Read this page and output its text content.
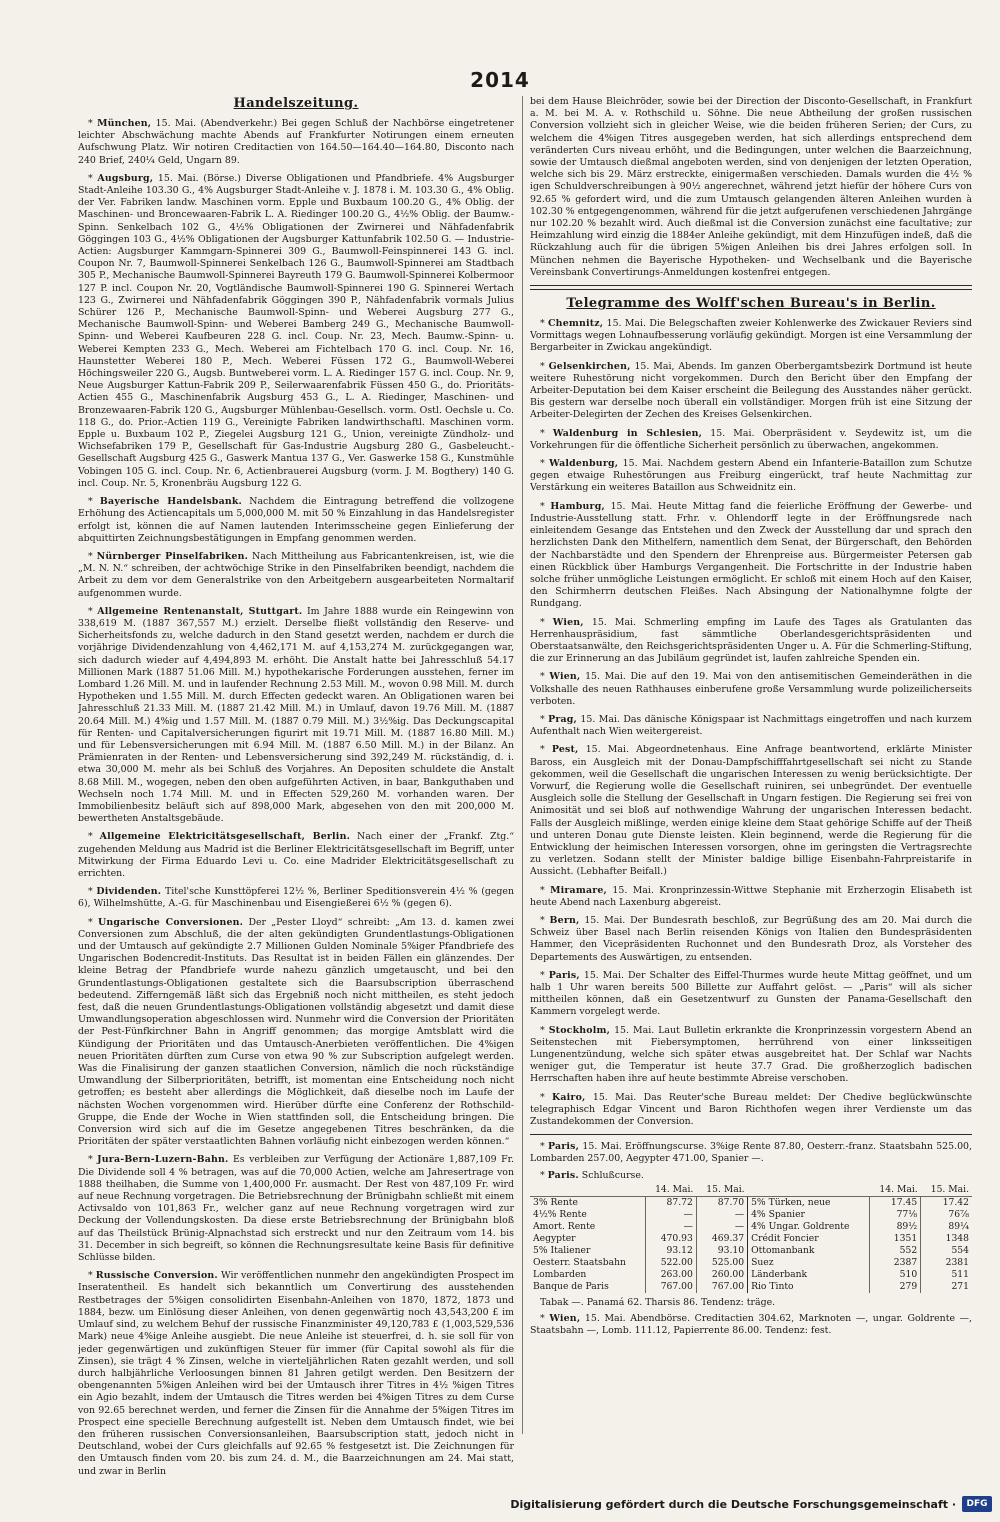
2014
Handelszeitung.

* München, 15. Mai. (Abendverkehr.) Bei gegen Schluß der Nachbörse eingetretener leichter Abschwächung machte Abends auf Frankfurter Notirungen einem erneuten Aufschwung Platz. Wir notiren Creditactien von 164.50—164.40—164.80, Disconto nach 240 Brief, 240¼ Geld, Ungarn 89.

* Augsburg, 15. Mai. (Börse.) Diverse Obligationen und Pfandbriefe. 4% Augsburger Stadt-Anleihe 103.30 G., 4% Augsburger Stadt-Anleihe v. J. 1878 i. M. 103.30 G., 4% Oblig. der Ver. Fabriken landw. Maschinen vorm. Epple und Buxbaum 100.20 G., 4% Oblig. der Maschinen- und Broncewaaren-Fabrik L. A. Riedinger 100.20 G., 4½% Oblig. der Baumw.-Spinn. Senkelbach 102 G., 4½% Obligationen der Zwirnerei und Nähfadenfabrik Göggingen 103 G., 4½% Obligationen der Augsburger Kattunfabrik 102.50 G. — Industrie-Actien: Augsburger Kammgarn-Spinnerei 309 G., Baumwoll-Feinspinnerei 143 G. incl. Coupon Nr. 7, Baumwoll-Spinnerei Senkelbach 126 G., Baumwoll-Spinnerei am Stadtbach 305 P., Mechanische Baumwoll-Spinnerei Bayreuth 179 G. Baumwoll-Spinnerei Kolbermoor 127 P. incl. Coupon Nr. 20, Vogtländische Baumwoll-Spinnerei 190 G. Spinnerei Wertach 123 G., Zwirnerei und Nähfadenfabrik Göggingen 390 P., Nähfadenfabrik vormals Julius Schürer 126 P., Mechanische Baumwoll-Spinn- und Weberei Augsburg 277 G., Mechanische Baumwoll-Spinn- und Weberei Bamberg 249 G., Mechanische Baumwoll-Spinn- und Weberei Kaufbeuren 228 G. incl. Coup. Nr. 23, Mech. Baumw.-Spinn- u. Weberei Kempten 233 G., Mech. Weberei am Fichtelbach 170 G. incl. Coup. Nr. 16, Haunstetter Weberei 180 P., Mech. Weberei Füssen 172 G., Baumwoll-Weberei Höchingsweiler 220 G., Augsb. Buntweberei vorm. L. A. Riedinger 157 G. incl. Coup. Nr. 9, Neue Augsburger Kattun-Fabrik 209 P., Seilerwaarenfabrik Füssen 450 G., do. Prioritäts-Actien 455 G., Maschinenfabrik Augsburg 453 G., L. A. Riedinger, Maschinen- und Bronzewaaren-Fabrik 120 G., Augsburger Mühlenbau-Gesellsch. vorm. Ostl. Oechsle u. Co. 118 G., do. Prior.-Actien 119 G., Vereinigte Fabriken landwirthschaftl. Maschinen vorm. Epple u. Buxbaum 102 P., Ziegelei Augsburg 121 G., Union, vereinigte Zündholz- und Wichsefabriken 179 P., Gesellschaft für Gas-Industrie Augsburg 280 G., Gasbeleucht.-Gesellschaft Augsburg 425 G., Gaswerk Mantua 137 G., Ver. Gaswerke 158 G., Kunstmühle Vobingen 105 G. incl. Coup. Nr. 6, Actienbrauerei Augsburg (vorm. J. M. Bogthery) 140 G. incl. Coup. Nr. 5, Kronenbräu Augsburg 122 G.

* Bayerische Handelsbank. Nachdem die Eintragung betreffend die vollzogene Erhöhung des Actiencapitals um 5,000,000 M. mit 50 % Einzahlung in das Handelsregister erfolgt ist, können die auf Namen lautenden Interimsscheine gegen Einlieferung der abquittirten Zeichnungsbestätigungen in Empfang genommen werden.

* Nürnberger Pinselfabriken. Nach Mittheilung aus Fabricantenkreisen, ist, wie die „M. N. N.“ schreiben, der achtwöchige Strike in den Pinselfabriken beendigt, nachdem die Arbeit zu dem vor dem Generalstrike von den Arbeitgebern ausgearbeiteten Normaltarif aufgenommen wurde.

* Allgemeine Rentenanstalt, Stuttgart. Im Jahre 1888 wurde ein Reingewinn von 338,619 M. (1887 367,557 M.) erzielt. Derselbe fließt vollständig den Reserve- und Sicherheitsfonds zu, welche dadurch in den Stand gesetzt werden, nachdem er durch die vorjährige Dividendenzahlung von 4,462,171 M. auf 4,153,274 M. zurückgegangen war, sich dadurch wieder auf 4,494,893 M. erhöht. Die Anstalt hatte bei Jahresschluß 54.17 Millionen Mark (1887 51.06 Mill. M.) hypothekarische Forderungen ausstehen, ferner im Lombard 1.26 Mill. M. und in laufender Rechnung 2.53 Mill. M., wovon 0.98 Mill. M. durch Hypotheken und 1.55 Mill. M. durch Effecten gedeckt waren. An Obligationen waren bei Jahresschluß 21.33 Mill. M. (1887 21.42 Mill. M.) in Umlauf, davon 19.76 Mill. M. (1887 20.64 Mill. M.) 4%ig und 1.57 Mill. M. (1887 0.79 Mill. M.) 3½%ig. Das Deckungscapital für Renten- und Capitalversicherungen figurirt mit 19.71 Mill. M. (1887 16.80 Mill. M.) und für Lebensversicherungen mit 6.94 Mill. M. (1887 6.50 Mill. M.) in der Bilanz. An Prämienraten in der Renten- und Lebensversicherung sind 392,249 M. rückständig, d. i. etwa 30,000 M. mehr als bei Schluß des Vorjahres. An Depositen schuldete die Anstalt 8.68 Mill. M., wogegen, neben den oben aufgeführten Activen, in baar, Bankguthaben und Wechseln noch 1.74 Mill. M. und in Effecten 529,260 M. vorhanden waren. Der Immobilienbesitz beläuft sich auf 898,000 Mark, abgesehen von den mit 200,000 M. bewertheten Anstaltsgebäude.

* Allgemeine Elektricitätsgesellschaft, Berlin. Nach einer der „Frankf. Ztg.“ zugehenden Meldung aus Madrid ist die Berliner Elektricitätsgesellschaft im Begriff, unter Mitwirkung der Firma Eduardo Levi u. Co. eine Madrider Elektricitätsgesellschaft zu errichten.

* Dividenden. Titel'sche Kunsttöpferei 12½ %, Berliner Speditionsverein 4½ % (gegen 6), Wilhelmshütte, A.-G. für Maschinenbau und Eisengießerei 6½ % (gegen 6).

* Ungarische Conversionen. Der „Pester Lloyd“ schreibt: „Am 13. d. kamen zwei Conversionen zum Abschluß, die der alten gekündigten Grundentlastungs-Obligationen und der Umtausch auf gekündigte 2.7 Millionen Gulden Nominale 5%iger Pfandbriefe des Ungarischen Bodencredit-Instituts. Das Resultat ist in beiden Fällen ein glänzendes. Der kleine Betrag der Pfandbriefe wurde nahezu gänzlich umgetauscht, und bei den Grundentlastungs-Obligationen gestaltete sich die Baarsubscription überraschend bedeutend. Zifferngemäß läßt sich das Ergebniß noch nicht mittheilen, es steht jedoch fest, daß die neuen Grundentlastungs-Obligationen vollständig abgesetzt und damit diese Umwandlungsoperation abgeschlossen wird. Nunmehr wird die Conversion der Prioritäten der Pest-Fünfkirchner Bahn in Angriff genommen; das morgige Amtsblatt wird die Kündigung der Prioritäten und das Umtausch-Anerbieten veröffentlichen. Die 4%igen neuen Prioritäten dürften zum Curse von etwa 90 % zur Subscription aufgelegt werden. Was die Finalisirung der ganzen staatlichen Conversion, nämlich die noch rückständige Umwandlung der Silberprioritäten, betrifft, ist momentan eine Entscheidung noch nicht getroffen; es besteht aber allerdings die Möglichkeit, daß dieselbe noch im Laufe der nächsten Wochen vorgenommen wird. Hierüber dürfte eine Conferenz der Rothschild-Gruppe, die Ende der Woche in Wien stattfinden soll, die Entscheidung bringen. Die Conversion wird sich auf die im Gesetze angegebenen Titres beschränken, da die Prioritäten der später verstaatlichten Bahnen vorläufig nicht einbezogen werden können.“

* Jura-Bern-Luzern-Bahn. Es verbleiben zur Verfügung der Actionäre 1,887,109 Fr. Die Dividende soll 4 % betragen, was auf die 70,000 Actien, welche am Jahresertrage von 1888 theilhaben, die Summe von 1,400,000 Fr. ausmacht. Der Rest von 487,109 Fr. wird auf neue Rechnung vorgetragen. Die Betriebsrechnung der Brünigbahn schließt mit einem Activsaldo von 101,863 Fr., welcher ganz auf neue Rechnung vorgetragen wird zur Deckung der Vollendungskosten. Da diese erste Betriebsrechnung der Brünigbahn bloß auf das Theilstück Brünig-Alpnachstad sich erstreckt und nur den Zeitraum vom 14. bis 31. December in sich begreift, so können die Rechnungsresultate keine Basis für definitive Schlüsse bilden.

* Russische Conversion. Wir veröffentlichen nunmehr den angekündigten Prospect im Inseratentheil. Es handelt sich bekanntlich um Convertirung des ausstehenden Restbetrages der 5%igen consolidirten Eisenbahn-Anleihen von 1870, 1872, 1873 und 1884, bezw. um Einlösung dieser Anleihen, von denen gegenwärtig noch 43,543,200 £ im Umlauf sind, zu welchem Behuf der russische Finanzminister 49,120,783 £ (1,003,529,536 Mark) neue 4%ige Anleihe ausgiebt. Die neue Anleihe ist steuerfrei, d. h. sie soll für von jeder gegenwärtigen und zukünftigen Steuer für immer (für Capital sowohl als für die Zinsen), sie trägt 4 % Zinsen, welche in vierteljährlichen Raten gezahlt werden, und soll durch halbjährliche Verloosungen binnen 81 Jahren getilgt werden. Den Besitzern der obengenannten 5%igen Anleihen wird bei der Umtausch ihrer Titres in 4½ %igen Titres ein Agio bezahlt, indem der Umtausch die Titres werden bei 4%igen Titres zu dem Curse von 92.65 berechnet werden, und ferner die Zinsen für die Annahme der 5%igen Titres im Prospect eine specielle Berechnung aufgestellt ist. Neben dem Umtausch findet, wie bei den früheren russischen Conversionsanleihen, Baarsubscription statt, jedoch nicht in Deutschland, wobei der Curs gleichfalls auf 92.65 % festgesetzt ist. Die Zeichnungen für den Umtausch finden vom 20. bis zum 24. d. M., die Baarzeichnungen am 24. Mai statt, und zwar in Berlin

bei dem Hause Bleichröder, sowie bei der Direction der Disconto-Gesellschaft, in Frankfurt a. M. bei M. A. v. Rothschild u. Söhne. Die neue Abtheilung der großen russischen Conversion vollzieht sich in gleicher Weise, wie die beiden früheren Serien; der Curs, zu welchem die 4%igen Titres ausgegeben werden, hat sich allerdings entsprechend dem veränderten Curs niveau erhöht, und die Bedingungen, unter welchen die Baarzeichnung, sowie der Umtausch dießmal angeboten werden, sind von denjenigen der letzten Operation, welche sich bis 29. März erstreckte, einigermaßen verschieden. Damals wurden die 4½ % igen Schuldverschreibungen à 90½ angerechnet, während jetzt hiefür der höhere Curs von 92.65 % gefordert wird, und die zum Umtausch gelangenden älteren Anleihen wurden à 102.30 % entgegengenommen, während für die jetzt aufgerufenen verschiedenen Jahrgänge nur 102.20 % bezahlt wird. Auch dießmal ist die Conversion zunächst eine facultative; zur Heimzahlung wird einzig die 1884er Anleihe gekündigt, mit dem Hinzufügen indeß, daß die Rückzahlung auch für die übrigen 5%igen Anleihen bis drei Jahres erfolgen soll. In München nehmen die Bayerische Hypotheken- und Wechselbank und die Bayerische Vereinsbank Convertirungs-Anmeldungen kostenfrei entgegen.

Telegramme des Wolff'schen Bureau's in Berlin.

* Chemnitz, 15. Mai. Die Belegschaften zweier Kohlenwerke des Zwickauer Reviers sind Vormittags wegen Lohnaufbesserung vorläufig gekündigt. Morgen ist eine Versammlung der Bergarbeiter in Zwickau angekündigt.

* Gelsenkirchen, 15. Mai, Abends. Im ganzen Oberbergamtsbezirk Dortmund ist heute weitere Ruhestörung nicht vorgekommen. Durch den Bericht über den Empfang der Arbeiter-Deputation bei dem Kaiser erscheint die Beilegung des Ausstandes näher gerückt. Bis gestern war derselbe noch überall ein vollständiger. Morgen früh ist eine Sitzung der Arbeiter-Delegirten der Zechen des Kreises Gelsenkirchen.

* Waldenburg in Schlesien, 15. Mai. Oberpräsident v. Seydewitz ist, um die Vorkehrungen für die öffentliche Sicherheit persönlich zu überwachen, angekommen.

* Waldenburg, 15. Mai. Nachdem gestern Abend ein Infanterie-Bataillon zum Schutze gegen etwaige Ruhestörungen aus Freiburg eingerückt, traf heute Nachmittag zur Verstärkung ein weiteres Bataillon aus Schweidnitz ein.

* Hamburg, 15. Mai. Heute Mittag fand die feierliche Eröffnung der Gewerbe- und Industrie-Ausstellung statt. Frhr. v. Ohlendorff legte in der Eröffnungsrede nach einleitendem Gesange das Entstehen und den Zweck der Ausstellung dar und sprach den herzlichsten Dank den Mithelfern, namentlich dem Senat, der Bürgerschaft, den Behörden der Nachbarstädte und den Spendern der Ehrenpreise aus. Bürgermeister Petersen gab einen Rückblick über Hamburgs Vergangenheit. Die Fortschritte in der Industrie haben solche früher unmögliche Leistungen ermöglicht. Er schloß mit einem Hoch auf den Kaiser, den Schirmherrn deutschen Fleißes. Nach Absingung der Nationalhymne folgte der Rundgang.

* Wien, 15. Mai. Schmerling empfing im Laufe des Tages als Gratulanten das Herrenhauspräsidium, fast sämmtliche Oberlandesgerichtspräsidenten und Oberstaatsanwälte, den Reichsgerichtspräsidenten Unger u. A. Für die Schmerling-Stiftung, die zur Erinnerung an das Jubiläum gegründet ist, laufen zahlreiche Spenden ein.

* Wien, 15. Mai. Die auf den 19. Mai von den antisemitischen Gemeinderäthen in die Volkshalle des neuen Rathhauses einberufene große Versammlung wurde polizeilicherseits verboten.

* Prag, 15. Mai. Das dänische Königspaar ist Nachmittags eingetroffen und nach kurzem Aufenthalt nach Wien weitergereist.

* Pest, 15. Mai. Abgeordnetenhaus. Eine Anfrage beantwortend, erklärte Minister Baross, ein Ausgleich mit der Donau-Dampfschifffahrtgesellschaft sei nicht zu Stande gekommen, weil die Gesellschaft die ungarischen Interessen zu wenig berücksichtigte. Der Vorwurf, die Regierung wolle die Gesellschaft ruiniren, sei unbegründet. Der eventuelle Ausgleich solle die Stellung der Gesellschaft in Ungarn festigen. Die Regierung sei frei von Animosität und sei bloß auf nothwendige Wahrung der ungarischen Interessen bedacht. Falls der Ausgleich mißlinge, werden einige kleine dem Staat gehörige Schiffe auf der Theiß und unteren Donau gute Dienste leisten. Klein beginnend, werde die Regierung für die Entwicklung der heimischen Interessen vorsorgen, ohne im geringsten die Vertragsrechte zu verletzen. Sodann stellt der Minister baldige billige Eisenbahn-Fahrpreistarife in Aussicht. (Lebhafter Beifall.)

* Miramare, 15. Mai. Kronprinzessin-Wittwe Stephanie mit Erzherzogin Elisabeth ist heute Abend nach Laxenburg abgereist.

* Bern, 15. Mai. Der Bundesrath beschloß, zur Begrüßung des am 20. Mai durch die Schweiz über Basel nach Berlin reisenden Königs von Italien den Bundespräsidenten Hammer, den Vicepräsidenten Ruchonnet und den Bundesrath Droz, als Vorsteher des Departements des Auswärtigen, zu entsenden.

* Paris, 15. Mai. Der Schalter des Eiffel-Thurmes wurde heute Mittag geöffnet, und um halb 1 Uhr waren bereits 500 Billette zur Auffahrt gelöst. — „Paris“ will als sicher mittheilen können, daß ein Gesetzentwurf zu Gunsten der Panama-Gesellschaft den Kammern vorgelegt werde.

* Stockholm, 15. Mai. Laut Bulletin erkrankte die Kronprinzessin vorgestern Abend an Seitenstechen mit Fiebersymptomen, herrührend von einer linksseitigen Lungenentzündung, welche sich später etwas ausgebreitet hat. Der Schlaf war Nachts weniger gut, die Temperatur ist heute 37.7 Grad. Die großherzoglich badischen Herrschaften haben ihre auf heute bestimmte Abreise verschoben.

* Kairo, 15. Mai. Das Reuter'sche Bureau meldet: Der Chedive beglückwünschte telegraphisch Edgar Vincent und Baron Richthofen wegen ihrer Verdienste um das Zustandekommen der Conversion.

* Paris, 15. Mai. Eröffnungscurse. 3%ige Rente 87.80, Oesterr.-franz. Staatsbahn 525.00, Lombarden 257.00, Aegypter 471.00, Spanier —.

* Paris. Schlußcurse.

	14. Mai.	15. Mai.		14. Mai.	15. Mai.
3% Rente	87.72	87.70	5% Türken, neue	17.45	17.42
4½% Rente	—	—	4% Spanier	77⅛	76⅞
Amort. Rente	—	—	4% Ungar. Goldrente	89½	89¼
Aegypter	470.93	469.37	Crédit Foncier	1351	1348
5% Italiener	93.12	93.10	Ottomanbank	552	554
Oesterr. Staatsbahn	522.00	525.00	Suez	2387	2381
Lombarden	263.00	260.00	Länderbank	510	511
Banque de Paris	767.00	767.00	Rio Tinto	279	271

Tabak —. Panamá 62. Tharsis 86. Tendenz: träge.

* Wien, 15. Mai. Abendbörse. Creditactien 304.62, Marknoten —, ungar. Goldrente —, Staatsbahn —, Lomb. 111.12, Papierrente 86.00. Tendenz: fest.

Digitalisierung gefördert durch die Deutsche Forschungsgemeinschaft ·	DFG
